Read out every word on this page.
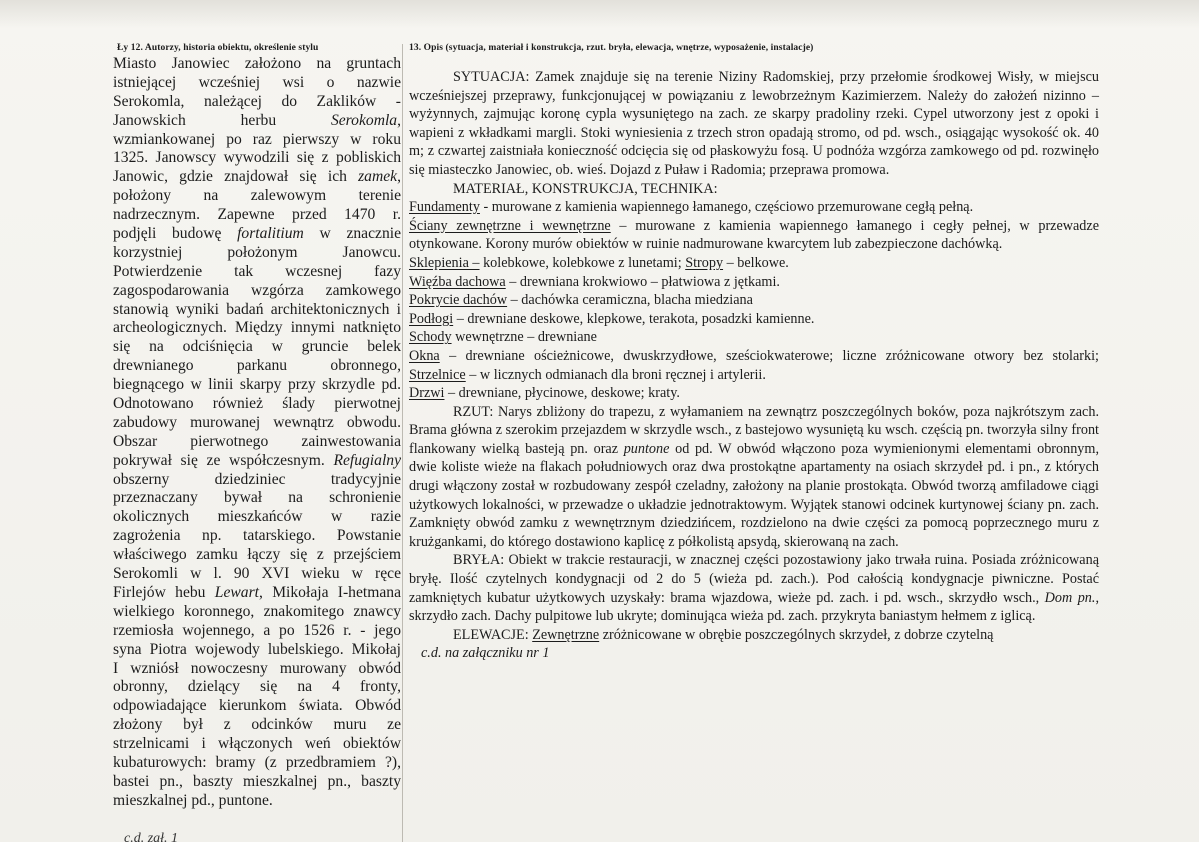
Ły 12. Autorzy, historia obiektu, określenie stylu

Miasto Janowiec założono na gruntach
istniejącej wcześniej wsi o nazwie
Serokomla, należącej do Zaklików -
Janowskich herbu Serokomla,
wzmiankowanej po raz pierwszy w roku
1325. Janowscy wywodzili się z pobliskich
Janowic, gdzie znajdował się ich zamek,
położony na zalewowym terenie
nadrzecznym. Zapewne przed 1470 r.
podjęli budowę fortalitium w znacznie
korzystniej położonym Janowcu.
Potwierdzenie tak wczesnej fazy
zagospodarowania wzgórza zamkowego
stanowią wyniki badań architektonicznych i
archeologicznych. Między innymi natknięto
się na odciśnięcia w gruncie belek
drewnianego parkanu obronnego,
biegnącego w linii skarpy przy skrzydle pd.
Odnotowano również ślady pierwotnej
zabudowy murowanej wewnątrz obwodu.
Obszar pierwotnego zainwestowania
pokrywał się ze współczesnym. Refugialny
obszerny dziedziniec tradycyjnie
przeznaczany bywał na schronienie
okolicznych mieszkańców w razie
zagrożenia np. tatarskiego. Powstanie
właściwego zamku łączy się z przejściem
Serokomli w l. 90 XVI wieku w ręce
Firlejów hebu Lewart, Mikołaja I-hetmana
wielkiego koronnego, znakomitego znawcy
rzemiosła wojennego, a po 1526 r. - jego
syna Piotra wojewody lubelskiego. Mikołaj
I wzniósł nowoczesny murowany obwód
obronny, dzielący się na 4 fronty,
odpowiadające kierunkom świata. Obwód
złożony był z odcinków muru ze
strzelnicami i włączonych weń obiektów
kubaturowych: bramy (z przedbramiem ?),
bastei pn., baszty mieszkalnej pn., baszty
mieszkalnej pd., puntone.

13. Opis (sytuacja, materiał i konstrukcja, rzut. bryła, elewacja, wnętrze, wyposażenie, instalacje)

SYTUACJA: Zamek znajduje się na terenie Niziny Radomskiej, przy przełomie środkowej Wisły, w miejscu wcześniejszej przeprawy, funkcjonującej w powiązaniu z lewobrzeżnym Kazimierzem. Należy do założeń nizinno – wyżynnych, zajmując koronę cypla wysuniętego na zach. ze skarpy pradoliny rzeki. Cypel utworzony jest z opoki i wapieni z wkładkami margli. Stoki wyniesienia z trzech stron opadają stromo, od pd. wsch., osiągając wysokość ok. 40 m; z czwartej zaistniała konieczność odcięcia się od płaskowyżu fosą. U podnóża wzgórza zamkowego od pd. rozwinęło się miasteczko Janowiec, ob. wieś. Dojazd z Puław i Radomia; przeprawa promowa.

MATERIAŁ, KONSTRUKCJA, TECHNIKA:

Fundamenty - murowane z kamienia wapiennego łamanego, częściowo przemurowane cegłą pełną.

Ściany zewnętrzne i wewnętrzne – murowane z kamienia wapiennego łamanego i cegły pełnej, w przewadze otynkowane. Korony murów obiektów w ruinie nadmurowane kwarcytem lub zabezpieczone dachówką.

Sklepienia – kolebkowe, kolebkowe z lunetami; Stropy – belkowe.

Więźba dachowa – drewniana krokwiowo – płatwiowa z jętkami.

Pokrycie dachów – dachówka ceramiczna, blacha miedziana

Podłogi – drewniane deskowe, klepkowe, terakota, posadzki kamienne.

Schody wewnętrzne – drewniane

Okna – drewniane ościeżnicowe, dwuskrzydłowe, sześciokwaterowe; liczne zróżnicowane otwory bez stolarki; Strzelnice – w licznych odmianach dla broni ręcznej i artylerii.

Drzwi – drewniane, płycinowe, deskowe; kraty.

RZUT: Narys zbliżony do trapezu, z wyłamaniem na zewnątrz poszczególnych boków, poza najkrótszym zach. Brama główna z szerokim przejazdem w skrzydle wsch., z bastejowo wysuniętą ku wsch. częścią pn. tworzyła silny front flankowany wielką basteją pn. oraz puntone od pd. W obwód włączono poza wymienionymi elementami obronnym, dwie koliste wieże na flakach południowych oraz dwa prostokątne apartamenty na osiach skrzydeł pd. i pn., z których drugi włączony został w rozbudowany zespół czeladny, założony na planie prostokąta. Obwód tworzą amfiladowe ciągi użytkowych lokalności, w przewadze o układzie jednotraktowym. Wyjątek stanowi odcinek kurtynowej ściany pn. zach. Zamknięty obwód zamku z wewnętrznym dziedzińcem, rozdzielono na dwie części za pomocą poprzecznego muru z krużgankami, do którego dostawiono kaplicę z półkolistą apsydą, skierowaną na zach.

BRYŁA: Obiekt w trakcie restauracji, w znacznej części pozostawiony jako trwała ruina. Posiada zróżnicowaną bryłę. Ilość czytelnych kondygnacji od 2 do 5 (wieża pd. zach.). Pod całością kondygnacje piwniczne. Postać zamkniętych kubatur użytkowych uzyskały: brama wjazdowa, wieże pd. zach. i pd. wsch., skrzydło wsch., Dom pn., skrzydło zach. Dachy pulpitowe lub ukryte; dominująca wieża pd. zach. przykryta baniastym hełmem z iglicą.

ELEWACJE: Zewnętrzne zróżnicowane w obrębie poszczególnych skrzydeł, z dobrze czytelną

c.d. na załączniku nr 1

c.d. zał. 1
